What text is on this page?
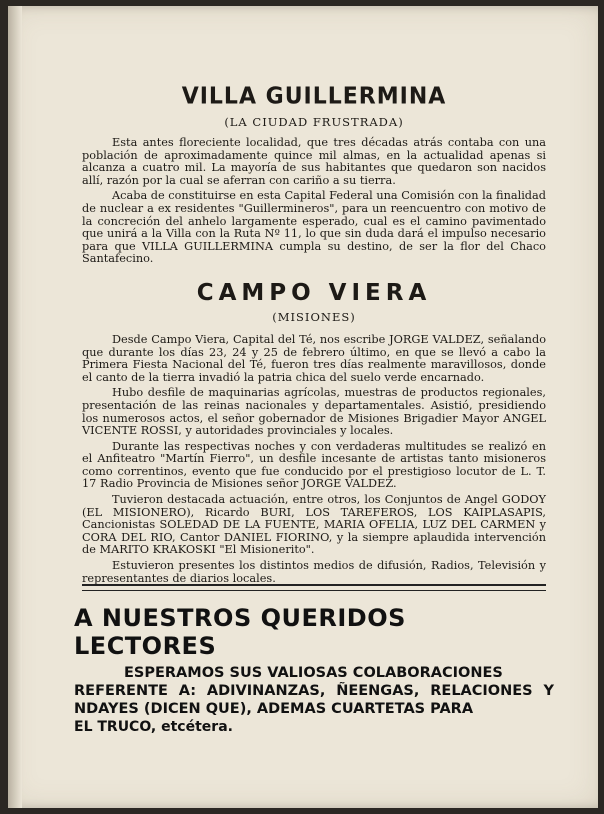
VILLA GUILLERMINA
(LA CIUDAD FRUSTRADA)

Esta antes floreciente localidad, que tres décadas atrás contaba con una población de aproximadamente quince mil almas, en la actualidad apenas si alcanza a cuatro mil. La mayoría de sus habitantes que quedaron son nacidos allí, razón por la cual se aferran con cariño a su tierra.

Acaba de constituirse en esta Capital Federal una Comisión con la finalidad de nuclear a ex residentes "Guillermineros", para un reencuentro con motivo de la concreción del anhelo largamente esperado, cual es el camino pavimentado que unirá a la Villa con la Ruta Nº 11, lo que sin duda dará el impulso necesario para que VILLA GUILLERMINA cumpla su destino, de ser la flor del Chaco Santafecino.

CAMPO VIERA
(MISIONES)

Desde Campo Viera, Capital del Té, nos escribe JORGE VALDEZ, señalando que durante los días 23, 24 y 25 de febrero último, en que se llevó a cabo la Primera Fiesta Nacional del Té, fueron tres días realmente maravillosos, donde el canto de la tierra invadió la patria chica del suelo verde encarnado.

Hubo desfile de maquinarias agrícolas, muestras de productos regionales, presentación de las reinas nacionales y departamentales. Asistió, presidiendo los numerosos actos, el señor gobernador de Misiones Brigadier Mayor ANGEL VICENTE ROSSI, y autoridades provinciales y locales.

Durante las respectivas noches y con verdaderas multitudes se realizó en el Anfiteatro "Martín Fierro", un desfile incesante de artistas tanto misioneros como correntinos, evento que fue conducido por el prestigioso locutor de L. T. 17 Radio Provincia de Misiones señor JORGE VALDEZ.

Tuvieron destacada actuación, entre otros, los Conjuntos de Angel GODOY (EL MISIONERO), Ricardo BURI, LOS TAREFEROS, LOS KAIPLASAPIS, Cancionistas SOLEDAD DE LA FUENTE, MARIA OFELIA, LUZ DEL CARMEN y CORA DEL RIO, Cantor DANIEL FIORINO, y la siempre aplaudida intervención de MARITO KRAKOSKI "El Misionerito".

Estuvieron presentes los distintos medios de difusión, Radios, Televisión y representantes de diarios locales.

A NUESTROS QUERIDOS LECTORES
ESPERAMOS SUS VALIOSAS COLABORACIONES
REFERENTE A: ADIVINANZAS, ÑEENGAS, RELACIONES Y NDAYES (DICEN QUE), ADEMAS CUARTETAS PARA
EL TRUCO, etcétera.
